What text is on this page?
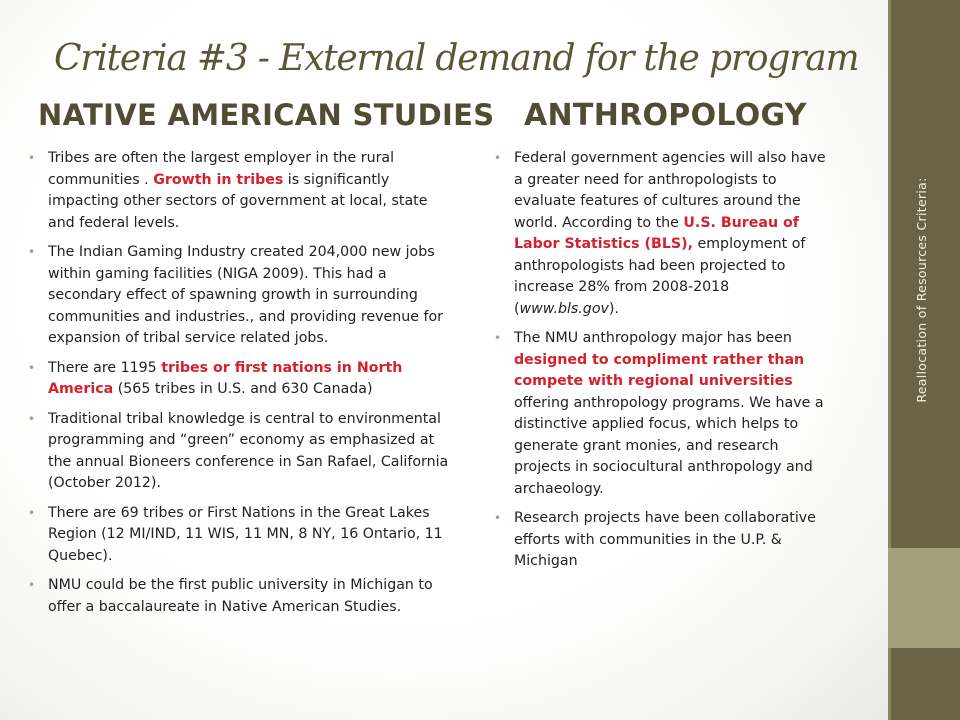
Reallocation of Resources Criteria:
Criteria #3 - External demand for the program
NATIVE AMERICAN STUDIES ANTHROPOLOGY
• Tribes are often the largest employer in the rural communities . Growth in tribes is significantly impacting other sectors of government at local, state and federal levels.
• The Indian Gaming Industry created 204,000 new jobs within gaming facilities (NIGA 2009). This had a secondary effect of spawning growth in surrounding communities and industries., and providing revenue for expansion of tribal service related jobs.
• There are 1195 tribes or first nations in North America (565 tribes in U.S. and 630 Canada)
• Traditional tribal knowledge is central to environmental programming and “green” economy as emphasized at the annual Bioneers conference in San Rafael, California (October 2012).
• There are 69 tribes or First Nations in the Great Lakes Region (12 MI/IND, 11 WIS, 11 MN, 8 NY, 16 Ontario, 11 Quebec).
• NMU could be the first public university in Michigan to offer a baccalaureate in Native American Studies.
• Federal government agencies will also have a greater need for anthropologists to evaluate features of cultures around the world. According to the U.S. Bureau of Labor Statistics (BLS), employment of anthropologists had been projected to increase 28% from 2008-2018 (www.bls.gov).
• The NMU anthropology major has been designed to compliment rather than compete with regional universities offering anthropology programs. We have a distinctive applied focus, which helps to generate grant monies, and research projects in sociocultural anthropology and archaeology.
• Research projects have been collaborative efforts with communities in the U.P. & Michigan
